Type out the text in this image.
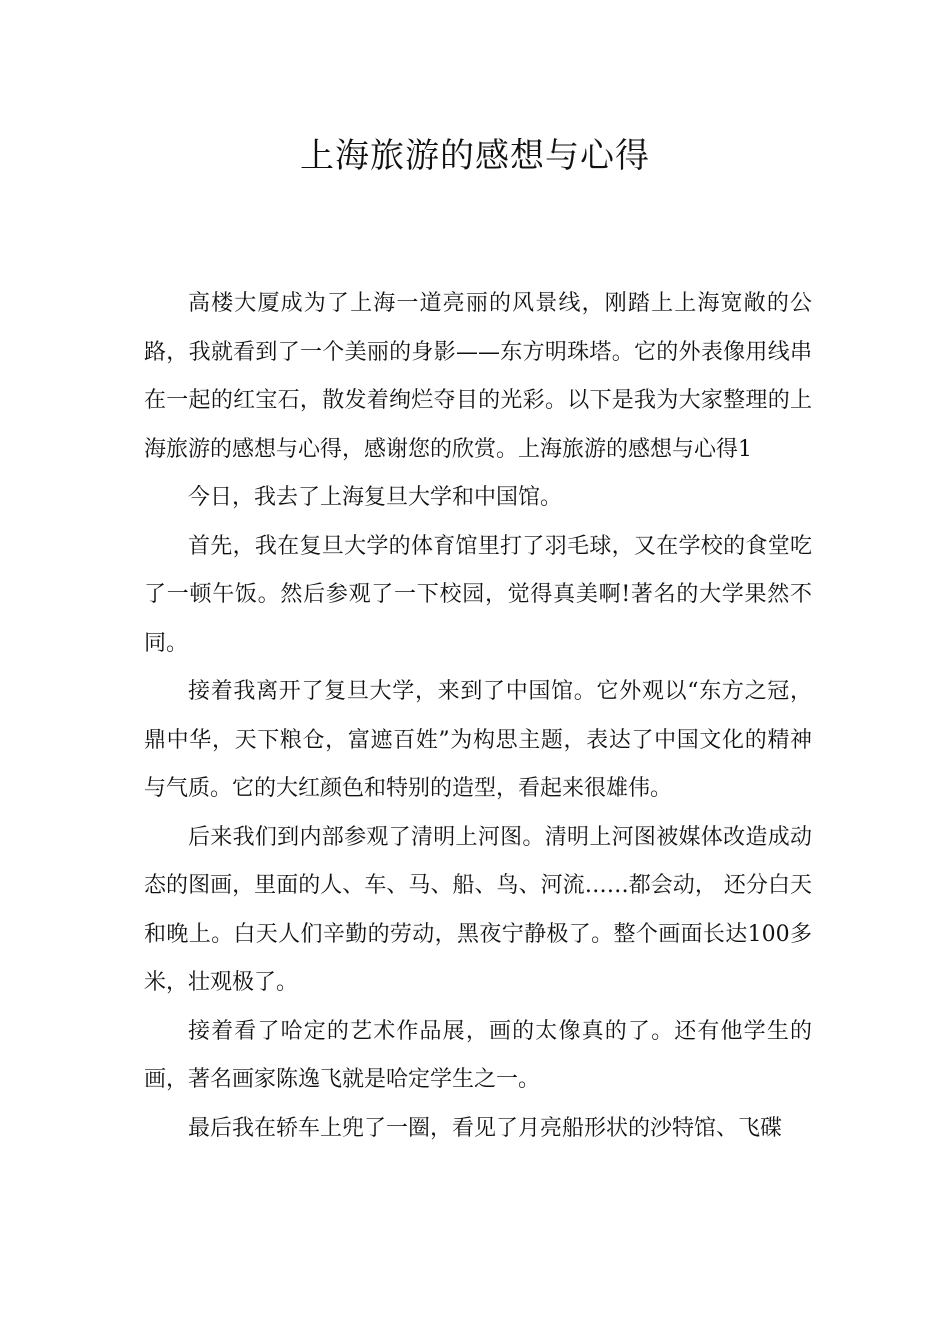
上海旅游的感想与心得

高楼大厦成为了上海一道亮丽的风景线，刚踏上上海宽敞的公路，我就看到了一个美丽的身影——东方明珠塔。它的外表像用线串在一起的红宝石，散发着绚烂夺目的光彩。以下是我为大家整理的上海旅游的感想与心得，感谢您的欣赏。上海旅游的感想与心得1

今日，我去了上海复旦大学和中国馆。

首先，我在复旦大学的体育馆里打了羽毛球，又在学校的食堂吃了一顿午饭。然后参观了一下校园，觉得真美啊!著名的大学果然不同。

接着我离开了复旦大学，来到了中国馆。它外观以“东方之冠，鼎中华，天下粮仓，富遮百姓”为构思主题，表达了中国文化的精神与气质。它的大红颜色和特别的造型，看起来很雄伟。

后来我们到内部参观了清明上河图。清明上河图被媒体改造成动态的图画，里面的人、车、马、船、鸟、河流……都会动， 还分白天和晚上。白天人们辛勤的劳动，黑夜宁静极了。整个画面长达100多米，壮观极了。

接着看了哈定的艺术作品展，画的太像真的了。还有他学生的画，著名画家陈逸飞就是哈定学生之一。

最后我在轿车上兜了一圈，看见了月亮船形状的沙特馆、飞碟
